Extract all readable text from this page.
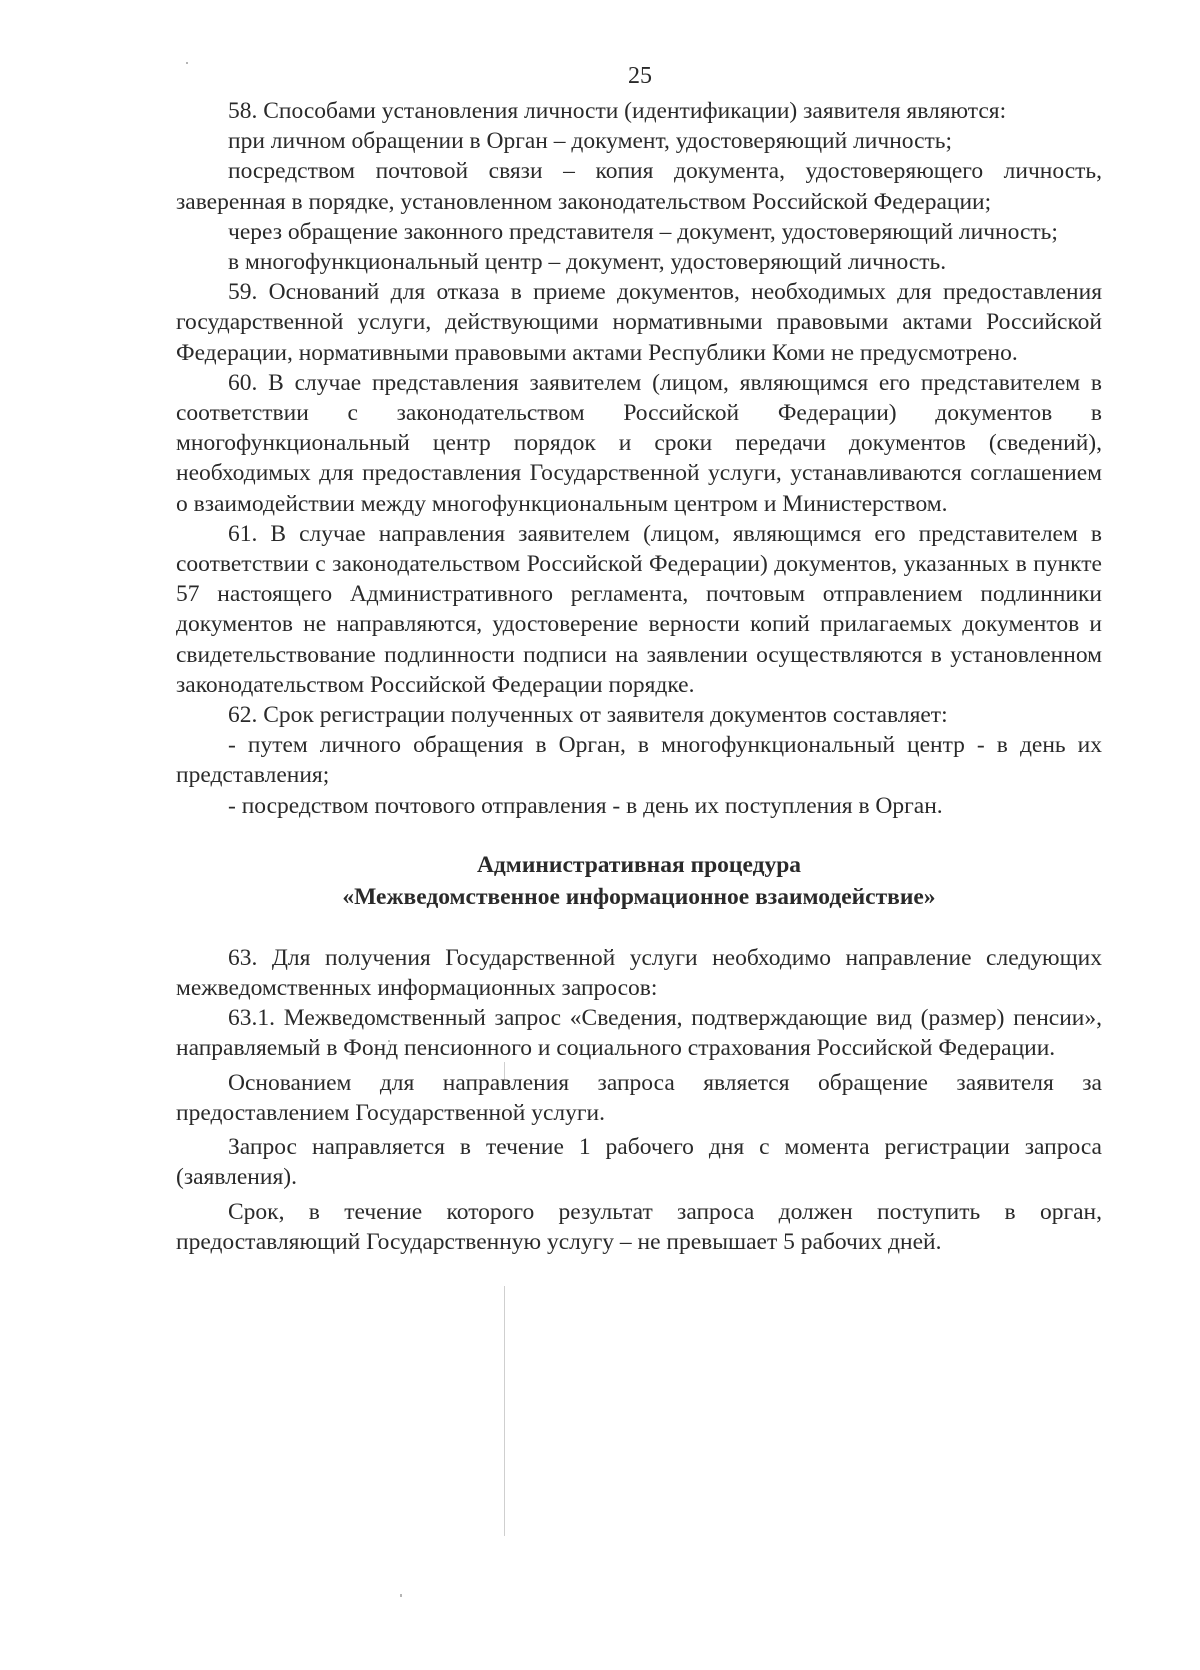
25

58. Способами установления личности (идентификации) заявителя являются:

при личном обращении в Орган – документ, удостоверяющий личность;

посредством почтовой связи – копия документа, удостоверяющего личность, заверенная в порядке, установленном законодательством Российской Федерации;

через обращение законного представителя – документ, удостоверяющий личность;

в многофункциональный центр – документ, удостоверяющий личность.

59. Оснований для отказа в приеме документов, необходимых для предоставления государственной услуги, действующими нормативными правовыми актами Российской Федерации, нормативными правовыми актами Республики Коми не предусмотрено.

60. В случае представления заявителем (лицом, являющимся его представителем в соответствии с законодательством Российской Федерации) документов в многофункциональный центр порядок и сроки передачи документов (сведений), необходимых для предоставления Государственной услуги, устанавливаются соглашением о взаимодействии между многофункциональным центром и Министерством.

61. В случае направления заявителем (лицом, являющимся его представителем в соответствии с законодательством Российской Федерации) документов, указанных в пункте 57 настоящего Административного регламента, почтовым отправлением подлинники документов не направляются, удостоверение верности копий прилагаемых документов и свидетельствование подлинности подписи на заявлении осуществляются в установленном законодательством Российской Федерации порядке.

62. Срок регистрации полученных от заявителя документов составляет:

- путем личного обращения в Орган, в многофункциональный центр - в день их представления;

- посредством почтового отправления - в день их поступления в Орган.

Административная процедура
«Межведомственное информационное взаимодействие»

63. Для получения Государственной услуги необходимо направление следующих межведомственных информационных запросов:

63.1. Межведомственный запрос «Сведения, подтверждающие вид (размер) пенсии», направляемый в Фонд пенсионного и социального страхования Российской Федерации.

Основанием для направления запроса является обращение заявителя за предоставлением Государственной услуги.

Запрос направляется в течение 1 рабочего дня с момента регистрации запроса (заявления).

Срок, в течение которого результат запроса должен поступить в орган, предоставляющий Государственную услугу – не превышает 5 рабочих дней.
